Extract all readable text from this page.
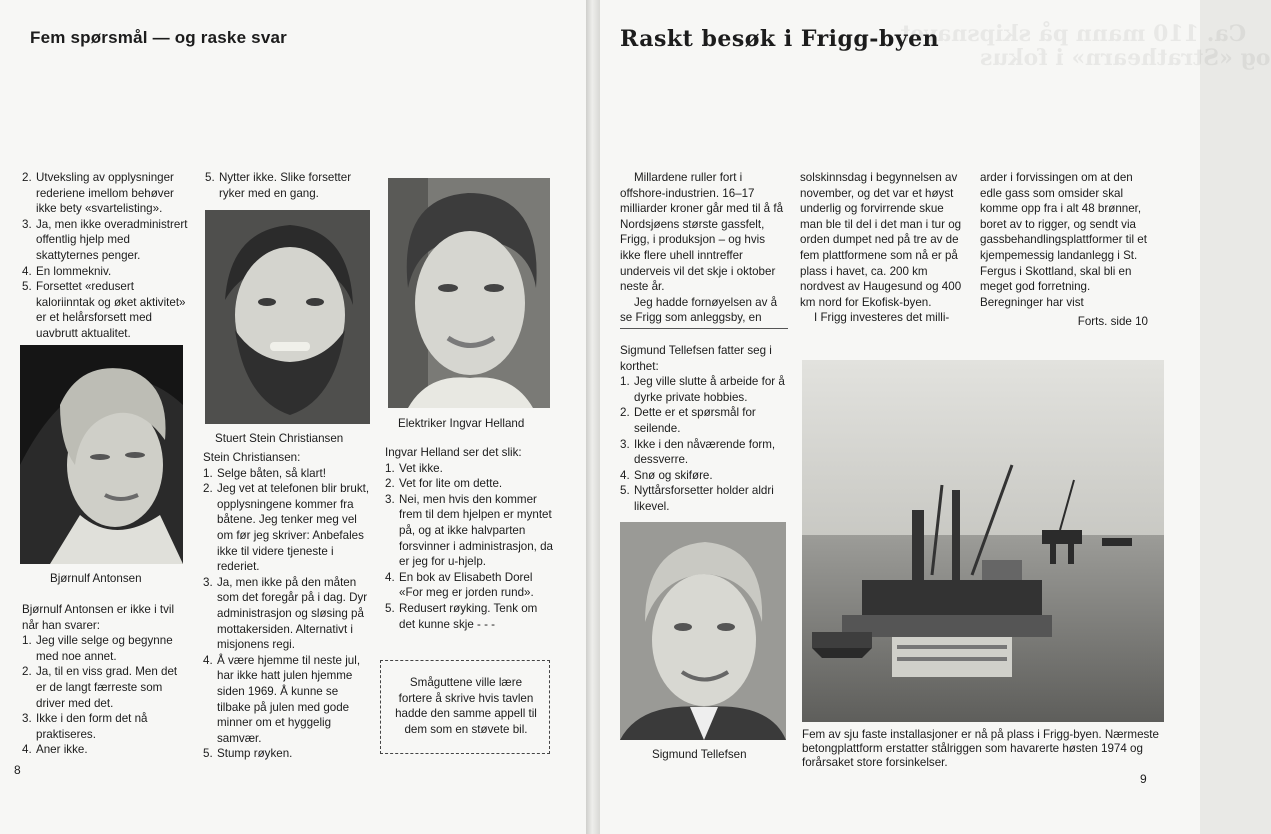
Fem spørsmål — og raske svar
2. Utveksling av opplysninger rederiene imellom behøver ikke bety «svartelisting».
3. Ja, men ikke overadministrert offentlig hjelp med skattyternes penger.
4. En lommekniv.
5. Forsettet «redusert kaloriinntak og øket aktivitet» er et helårsforsett med uavbrutt aktualitet.
Bjørnulf Antonsen

Bjørnulf Antonsen er ikke i tvil når han svarer:

1. Jeg ville selge og begynne med noe annet.
2. Ja, til en viss grad. Men det er de langt færreste som driver med det.
3. Ikke i den form det nå praktiseres.
4. Aner ikke.
5. Nytter ikke. Slike forsetter ryker med en gang.
Stuert Stein Christiansen

Stein Christiansen:

1. Selge båten, så klart!
2. Jeg vet at telefonen blir brukt, opplysningene kommer fra båtene. Jeg tenker meg vel om før jeg skriver: Anbefales ikke til videre tjeneste i rederiet.
3. Ja, men ikke på den måten som det foregår på i dag. Dyr administrasjon og sløsing på mottakersiden. Alternativt i misjonens regi.
4. Å være hjemme til neste jul, har ikke hatt julen hjemme siden 1969. Å kunne se tilbake på julen med gode minner om et hyggelig samvær.
5. Stump røyken.
Elektriker Ingvar Helland

Ingvar Helland ser det slik:

1. Vet ikke.
2. Vet for lite om dette.
3. Nei, men hvis den kommer frem til dem hjelpen er myntet på, og at ikke halvparten forsvinner i administrasjon, da er jeg for u-hjelp.
4. En bok av Elisabeth Dorel «For meg er jorden rund».
5. Redusert røyking. Tenk om det kunne skje - - -
Småguttene ville lære fortere å skrive hvis tavlen hadde den samme appell til dem som en støvete bil.
8
Ca. 110 mann på skipsnavet
og «Strathearn» i fokus
Raskt besøk i Frigg-byen

Millardene ruller fort i offshore-industrien. 16–17 milliarder kroner går med til å få Nordsjøens største gassfelt, Frigg, i produksjon – og hvis ikke flere uhell inntreffer underveis vil det skje i oktober neste år.

Jeg hadde fornøyelsen av å se Frigg som anleggsby, en

solskinnsdag i begynnelsen av november, og det var et høyst underlig og forvirrende skue man ble til del i det man i tur og orden dumpet ned på tre av de fem plattformene som nå er på plass i havet, ca. 200 km nordvest av Haugesund og 400 km nord for Ekofisk-byen.

I Frigg investeres det milli-

arder i forvissingen om at den edle gass som omsider skal komme opp fra i alt 48 brønner, boret av to rigger, og sendt via gassbehandlingsplattformer til et kjempemessig landanlegg i St. Fergus i Skottland, skal bli en meget god forretning. Beregninger har vist

Forts. side 10

Sigmund Tellefsen fatter seg i korthet:

1. Jeg ville slutte å arbeide for å dyrke private hobbies.
2. Dette er et spørsmål for seilende.
3. Ikke i den nåværende form, dessverre.
4. Snø og skiføre.
5. Nyttårsforsetter holder aldri likevel.
Sigmund Tellefsen
Fem av sju faste installasjoner er nå på plass i Frigg-byen. Nærmeste betongplattform erstatter stålriggen som havarerte høsten 1974 og forårsaket store forsinkelser.
9
